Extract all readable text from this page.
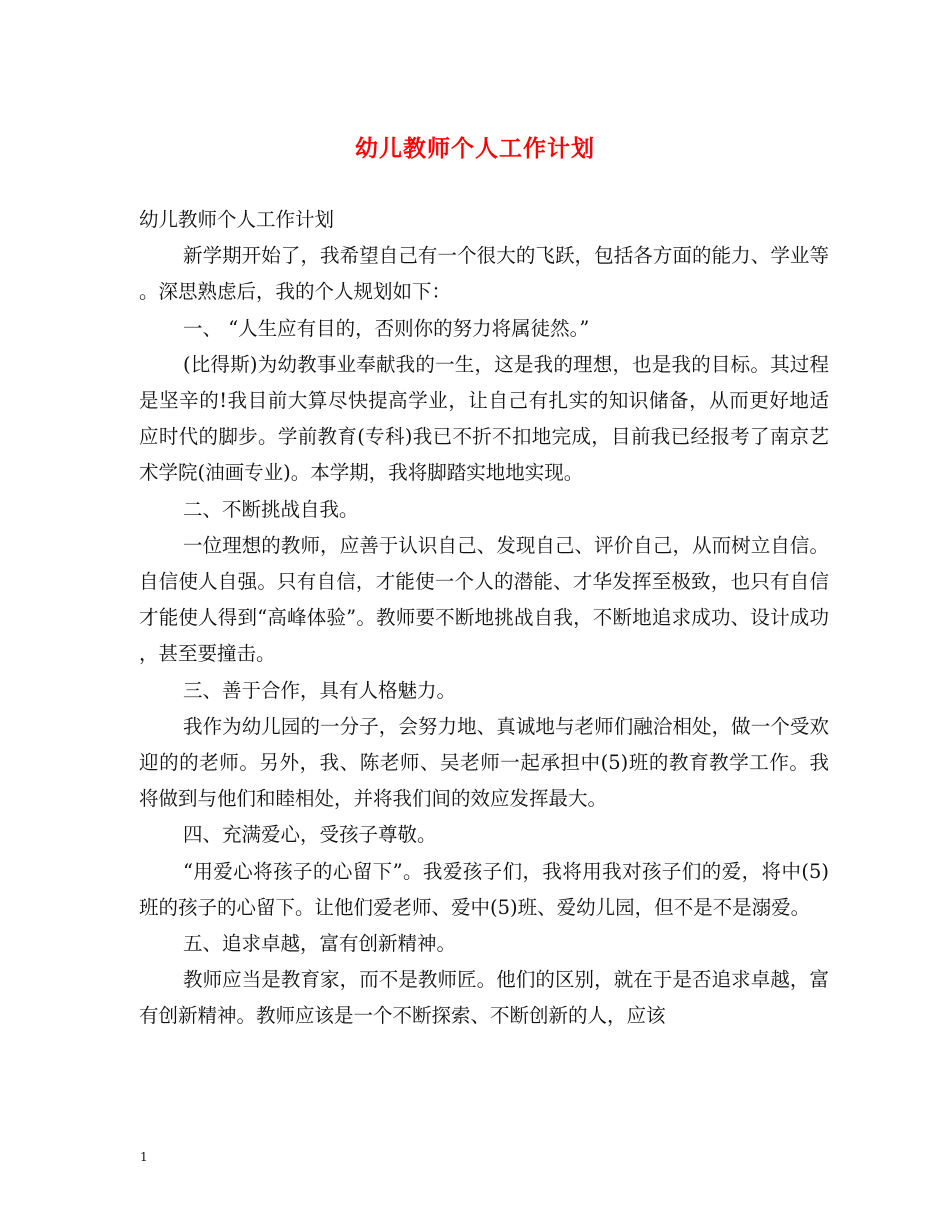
幼儿教师个人工作计划

幼儿教师个人工作计划

新学期开始了，我希望自己有一个很大的飞跃，包括各方面的能力、学业等。深思熟虑后，我的个人规划如下：

一、 “人生应有目的，否则你的努力将属徒然。”

(比得斯)为幼教事业奉献我的一生，这是我的理想，也是我的目标。其过程是坚辛的!我目前大算尽快提高学业，让自己有扎实的知识储备，从而更好地适应时代的脚步。学前教育(专科)我已不折不扣地完成，目前我已经报考了南京艺术学院(油画专业)。本学期，我将脚踏实地地实现。

二、不断挑战自我。

一位理想的教师，应善于认识自己、发现自己、评价自己，从而树立自信。自信使人自强。只有自信，才能使一个人的潜能、才华发挥至极致，也只有自信才能使人得到“高峰体验”。教师要不断地挑战自我，不断地追求成功、设计成功，甚至要撞击。

三、善于合作，具有人格魅力。

我作为幼儿园的一分子，会努力地、真诚地与老师们融洽相处，做一个受欢迎的的老师。另外，我、陈老师、吴老师一起承担中(5)班的教育教学工作。我将做到与他们和睦相处，并将我们间的效应发挥最大。

四、充满爱心，受孩子尊敬。

“用爱心将孩子的心留下”。我爱孩子们，我将用我对孩子们的爱，将中(5)班的孩子的心留下。让他们爱老师、爱中(5)班、爱幼儿园，但不是不是溺爱。

五、追求卓越，富有创新精神。

教师应当是教育家，而不是教师匠。他们的区别，就在于是否追求卓越，富有创新精神。教师应该是一个不断探索、不断创新的人，应该

1
